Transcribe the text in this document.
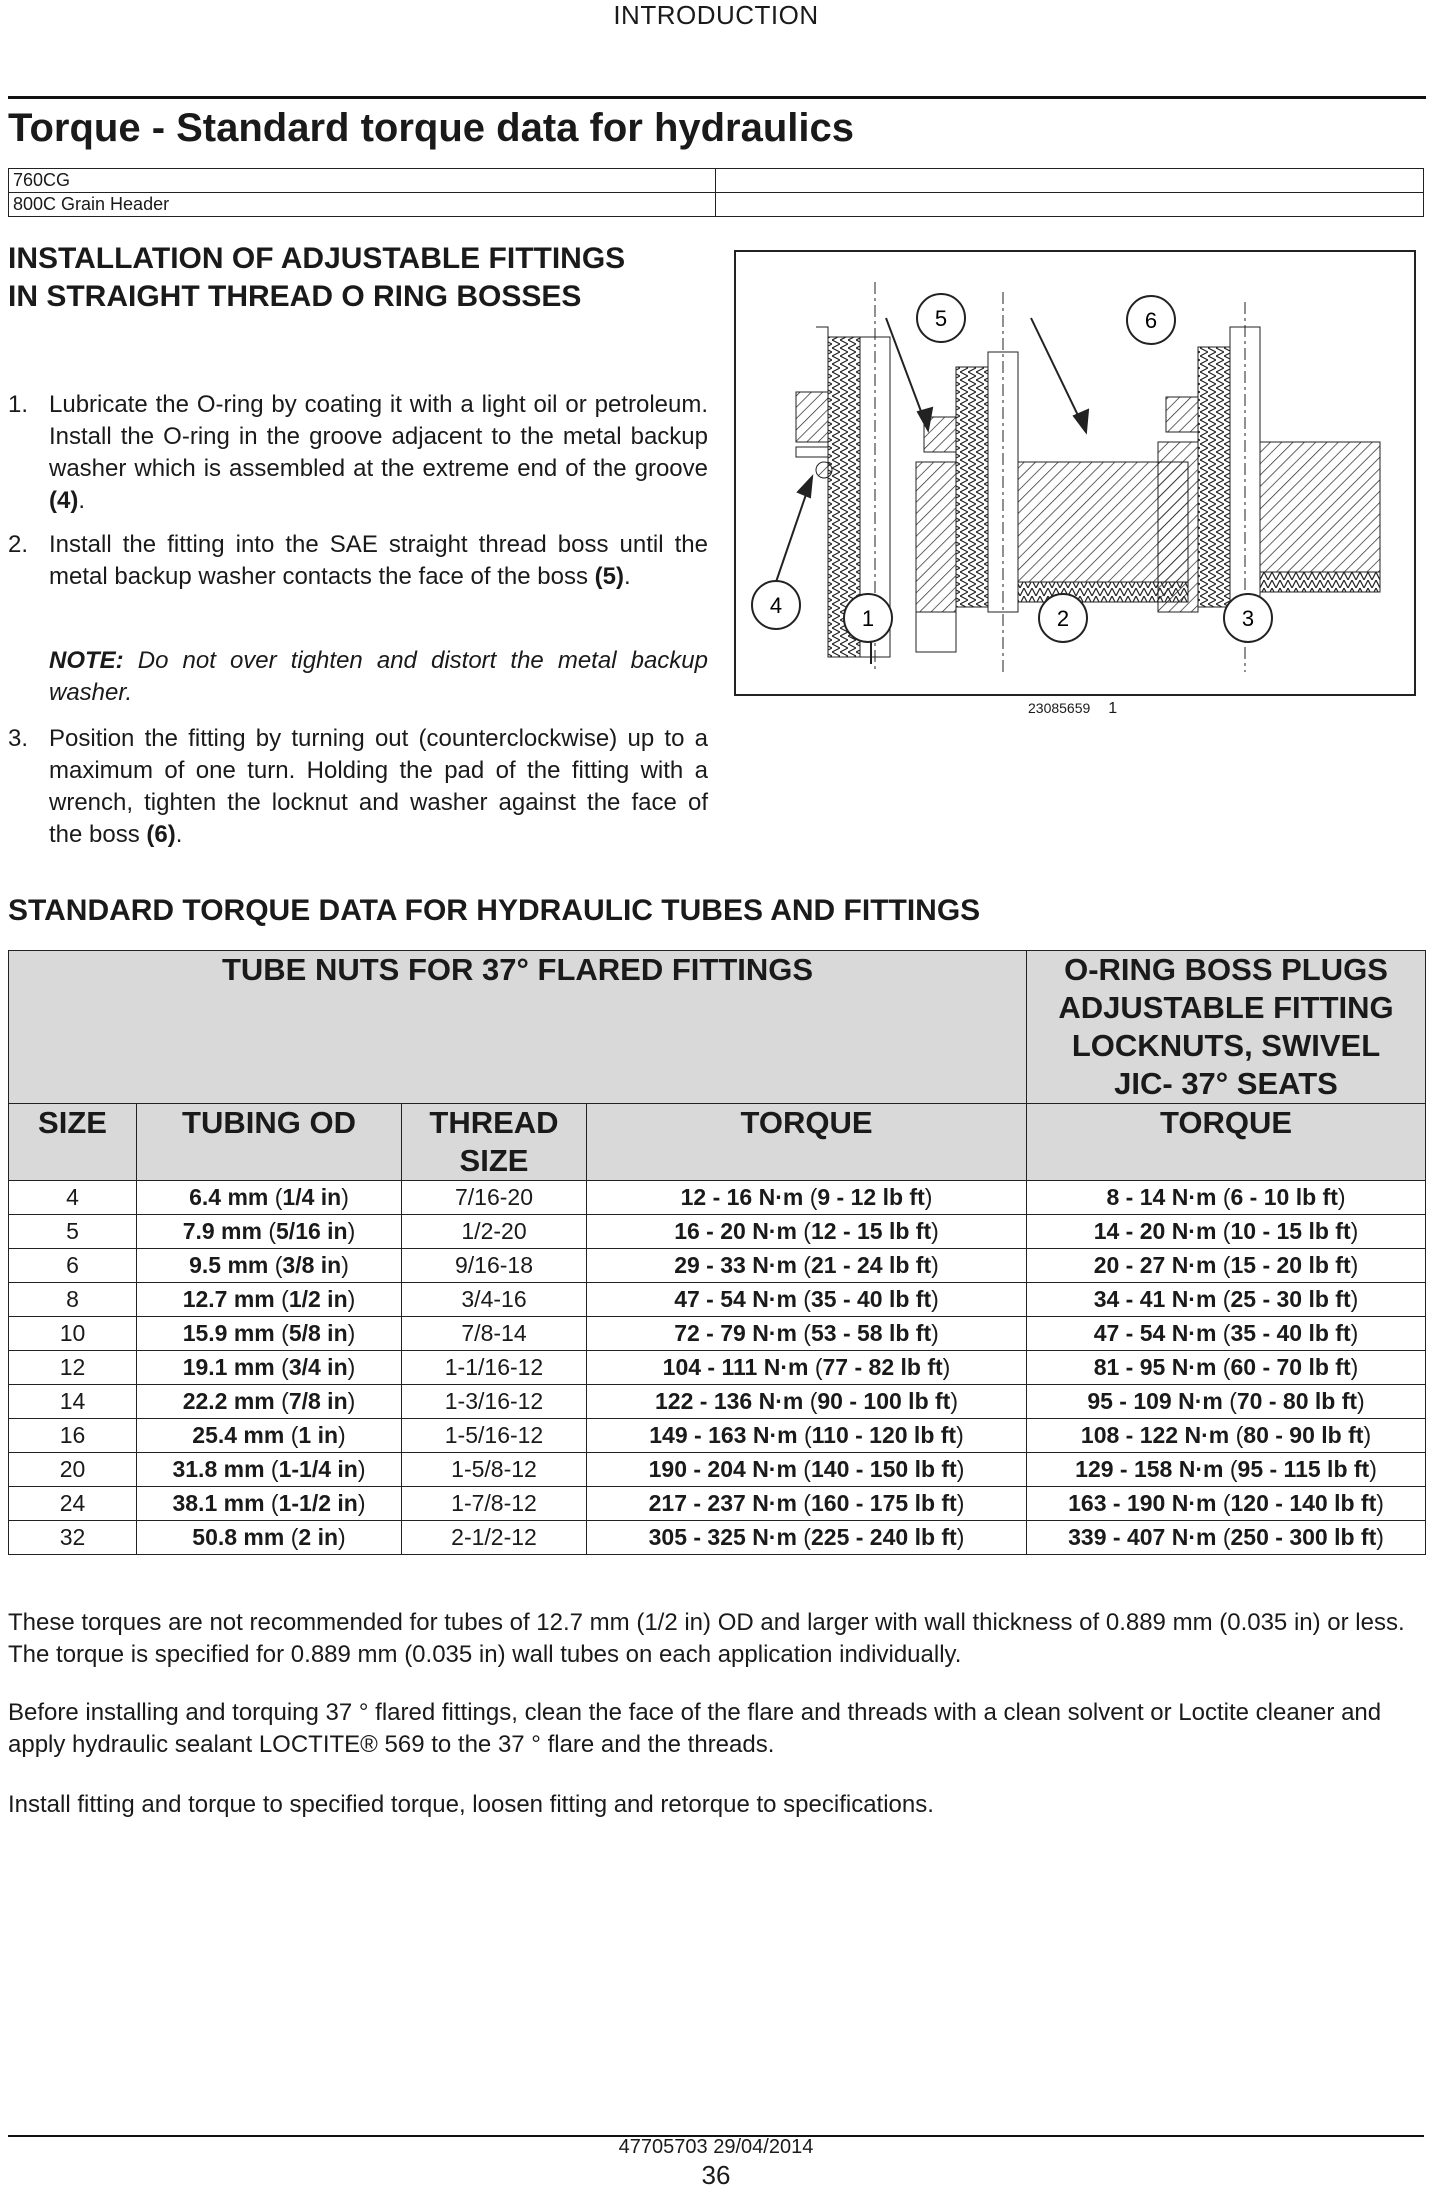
INTRODUCTION
Torque - Standard torque data for hydraulics
760CG	
800C Grain Header	
INSTALLATION OF ADJUSTABLE FITTINGS
IN STRAIGHT THREAD O RING BOSSES
1. Lubricate the O-ring by coating it with a light oil or petroleum. Install the O-ring in the groove adjacent to the metal backup washer which is assembled at the extreme end of the groove (4).
2. Install the fitting into the SAE straight thread boss until the metal backup washer contacts the face of the boss (5).
NOTE: Do not over tighten and distort the metal backup washer.
3. Position the fitting by turning out (counterclockwise) up to a maximum of one turn. Holding the pad of the fitting with a wrench, tighten the locknut and washer against the face of the boss (6).
5	6
4
1	2	3
23085659 1
STANDARD TORQUE DATA FOR HYDRAULIC TUBES AND FITTINGS
TUBE NUTS FOR 37° FLARED FITTINGS				O-RING BOSS PLUGS
ADJUSTABLE FITTING
LOCKNUTS, SWIVEL
JIC- 37° SEATS

SIZE	TUBING OD	THREAD SIZE	TORQUE	TORQUE
4	6.4 mm (1/4 in)	7/16-20	12 - 16 N·m (9 - 12 lb ft)	8 - 14 N·m (6 - 10 lb ft)
5	7.9 mm (5/16 in)	1/2-20	16 - 20 N·m (12 - 15 lb ft)	14 - 20 N·m (10 - 15 lb ft)
6	9.5 mm (3/8 in)	9/16-18	29 - 33 N·m (21 - 24 lb ft)	20 - 27 N·m (15 - 20 lb ft)
8	12.7 mm (1/2 in)	3/4-16	47 - 54 N·m (35 - 40 lb ft)	34 - 41 N·m (25 - 30 lb ft)
10	15.9 mm (5/8 in)	7/8-14	72 - 79 N·m (53 - 58 lb ft)	47 - 54 N·m (35 - 40 lb ft)
12	19.1 mm (3/4 in)	1-1/16-12	104 - 111 N·m (77 - 82 lb ft)	81 - 95 N·m (60 - 70 lb ft)
14	22.2 mm (7/8 in)	1-3/16-12	122 - 136 N·m (90 - 100 lb ft)	95 - 109 N·m (70 - 80 lb ft)
16	25.4 mm (1 in)	1-5/16-12	149 - 163 N·m (110 - 120 lb ft)	108 - 122 N·m (80 - 90 lb ft)
20	31.8 mm (1-1/4 in)	1-5/8-12	190 - 204 N·m (140 - 150 lb ft)	129 - 158 N·m (95 - 115 lb ft)
24	38.1 mm (1-1/2 in)	1-7/8-12	217 - 237 N·m (160 - 175 lb ft)	163 - 190 N·m (120 - 140 lb ft)
32	50.8 mm (2 in)	2-1/2-12	305 - 325 N·m (225 - 240 lb ft)	339 - 407 N·m (250 - 300 lb ft)
These torques are not recommended for tubes of 12.7 mm (1/2 in) OD and larger with wall thickness of 0.889 mm (0.035 in) or less. The torque is specified for 0.889 mm (0.035 in) wall tubes on each application individually.
Before installing and torquing 37 ° flared fittings, clean the face of the flare and threads with a clean solvent or Loctite cleaner and apply hydraulic sealant LOCTITE® 569 to the 37 ° flare and the threads.
Install fitting and torque to specified torque, loosen fitting and retorque to specifications.
47705703 29/04/2014
36
